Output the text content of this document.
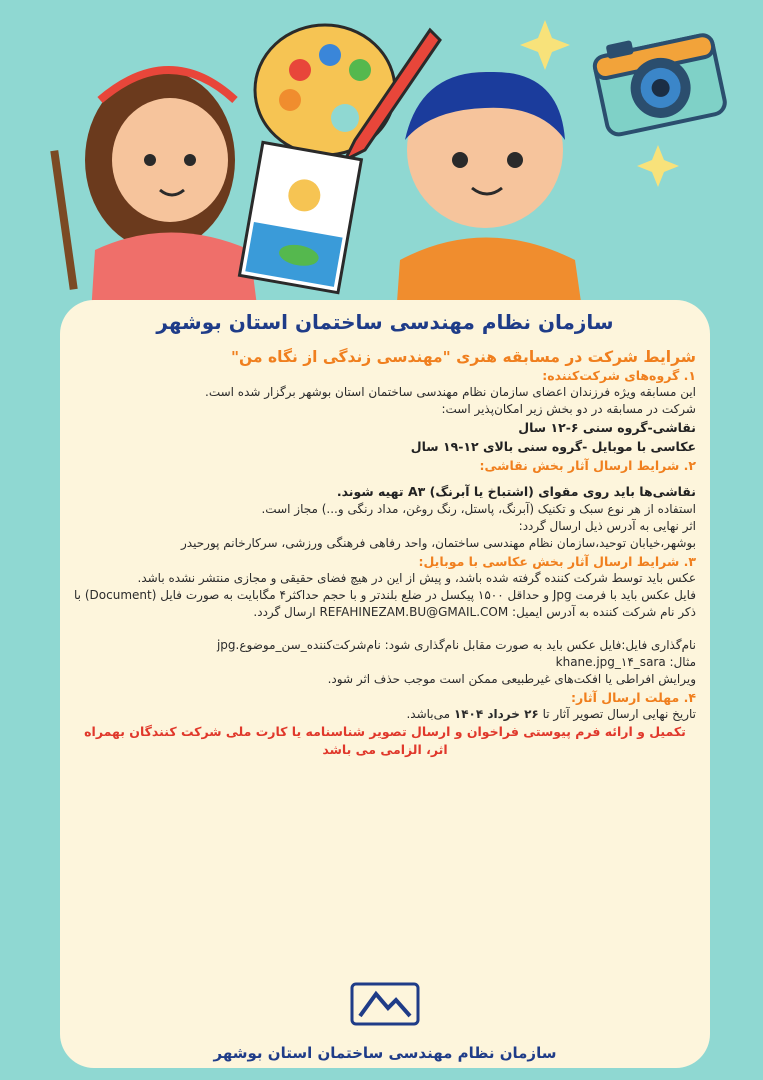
سازمان نظام مهندسی ساختمان استان بوشهر
شرایط شرکت در مسابقه هنری "مهندسی زندگی از نگاه من"
۱. گروه‌های شرکت‌کننده:

این مسابقه ویژه فرزندان اعضای سازمان نظام مهندسی ساختمان استان بوشهر برگزار شده است.

شرکت در مسابقه در دو بخش زیر امکان‌پذیر است:

نقاشی-گروه سنی ۶-۱۲ سال

عکاسی با موبایل -گروه سنی بالای ۱۲-۱۹ سال

۲. شرایط ارسال آثار بخش نقاشی:

نقاشی‌ها باید روی مقوای (اشتباخ یا آبرنگ) A۳ تهیه شوند.

استفاده از هر نوع سبک و تکنیک (آبرنگ، پاستل، رنگ روغن، مداد رنگی و...) مجاز است.

اثر نهایی به آدرس ذیل ارسال گردد:

بوشهر،خیابان توحید،سازمان نظام مهندسی ساختمان، واحد رفاهی فرهنگی ورزشی، سرکارخانم پورحیدر

۳. شرایط ارسال آثار بخش عکاسی با موبایل:

عکس باید توسط شرکت کننده گرفته شده باشد، و پیش از این در هیچ فضای حقیقی و مجازی منتشر نشده باشد.

فایل عکس باید با فرمت Jpg و حداقل ۱۵۰۰ پیکسل در ضلع بلندتر و با حجم حداکثر۴ مگابایت به صورت فایل (Document) با ذکر نام شرکت کننده به آدرس ایمیل: REFAHINEZAM.BU@GMAIL.COM ارسال گردد.

نام‌گذاری فایل:فایل عکس باید به صورت مقابل نام‌گذاری شود: نام‌شرکت‌کننده_سن_موضوع.jpg

مثال: khane.jpg_۱۴_sara

ویرایش افراطی یا افکت‌های غیرطبیعی ممکن است موجب حذف اثر شود.

۴. مهلت ارسال آثار:

تاریخ نهایی ارسال تصویر آثار تا ۲۶ خرداد ۱۴۰۴ می‌باشد.

تکمیل و ارائه فرم پیوستی فراخوان و ارسال تصویر شناسنامه یا کارت ملی شرکت کنندگان بهمراه اثر، الزامی می باشد

سازمان نظام مهندسی ساختمان استان بوشهر
